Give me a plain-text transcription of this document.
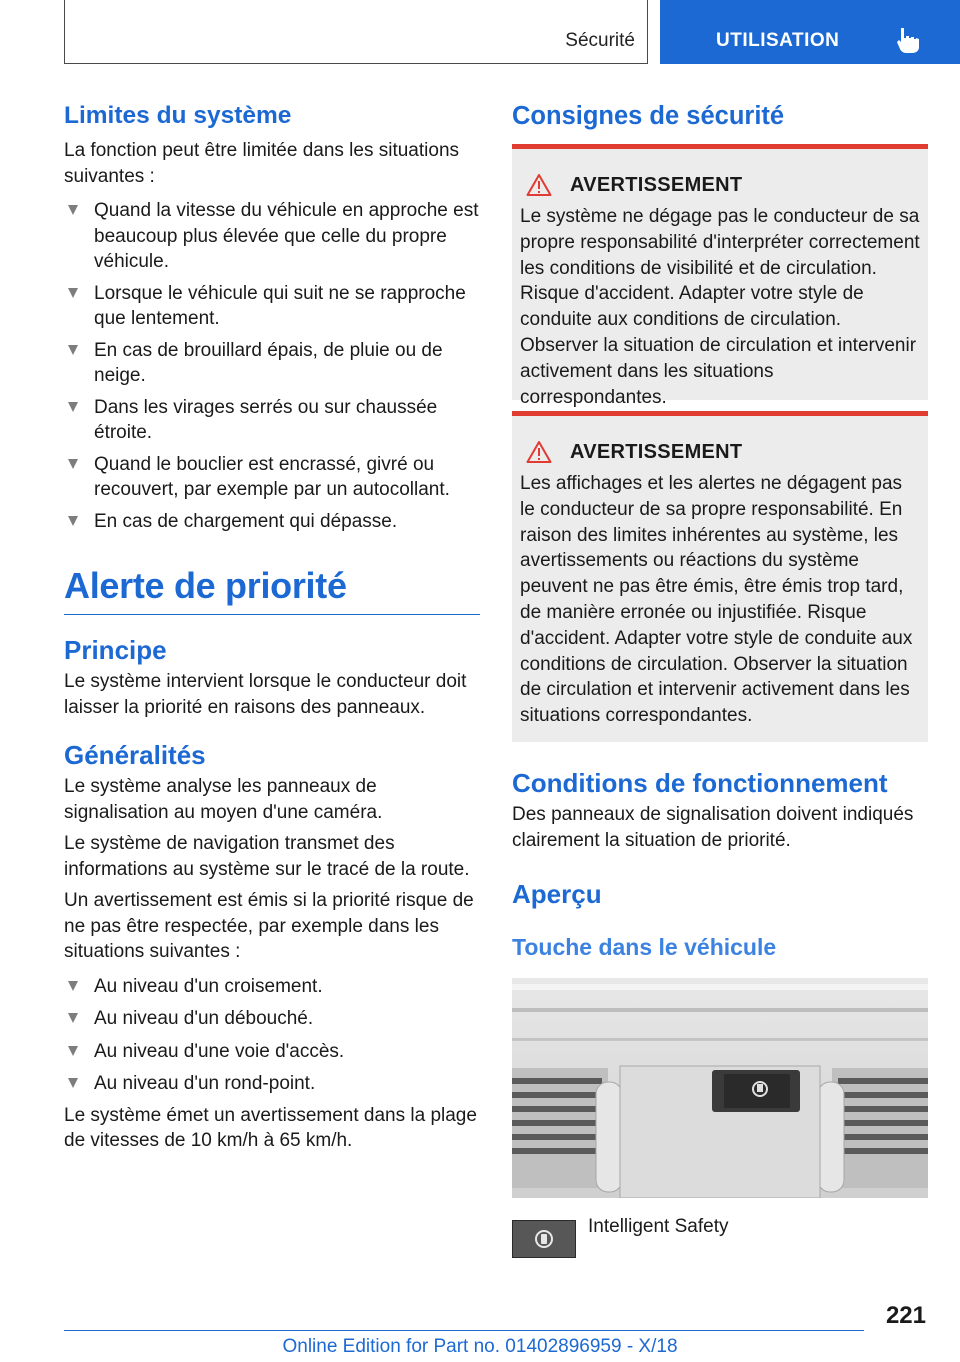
Sécurité	UTILISATION
Limites du système

La fonction peut être limitée dans les situations suivantes :

Quand la vitesse du véhicule en approche est beaucoup plus élevée que celle du propre véhicule.
Lorsque le véhicule qui suit ne se rapproche que lentement.
En cas de brouillard épais, de pluie ou de neige.
Dans les virages serrés ou sur chaussée étroite.
Quand le bouclier est encrassé, givré ou recouvert, par exemple par un autocollant.
En cas de chargement qui dépasse.
Alerte de priorité
Principe

Le système intervient lorsque le conducteur doit laisser la priorité en raisons des panneaux.

Généralités

Le système analyse les panneaux de signalisation au moyen d'une caméra.

Le système de navigation transmet des informations au système sur le tracé de la route.

Un avertissement est émis si la priorité risque de ne pas être respectée, par exemple dans les situations suivantes :

Au niveau d'un croisement.
Au niveau d'un débouché.
Au niveau d'une voie d'accès.
Au niveau d'un rond-point.

Le système émet un avertissement dans la plage de vitesses de 10 km/h à 65 km/h.

Consignes de sécurité
AVERTISSEMENT
Le système ne dégage pas le conducteur de sa propre responsabilité d'interpréter correctement les conditions de visibilité et de circulation. Risque d'accident. Adapter votre style de conduite aux conditions de circulation. Observer la situation de circulation et intervenir activement dans les situations correspondantes.
AVERTISSEMENT
Les affichages et les alertes ne dégagent pas le conducteur de sa propre responsabilité. En raison des limites inhérentes au système, les avertissements ou réactions du système peuvent ne pas être émis, être émis trop tard, de manière erronée ou injustifiée. Risque d'accident. Adapter votre style de conduite aux conditions de circulation. Observer la situation de circulation et intervenir activement dans les situations correspondantes.
Conditions de fonctionnement

Des panneaux de signalisation doivent indiqués clairement la situation de priorité.

Aperçu
Touche dans le véhicule
Intelligent Safety
221
Online Edition for Part no. 01402896959 - X/18
